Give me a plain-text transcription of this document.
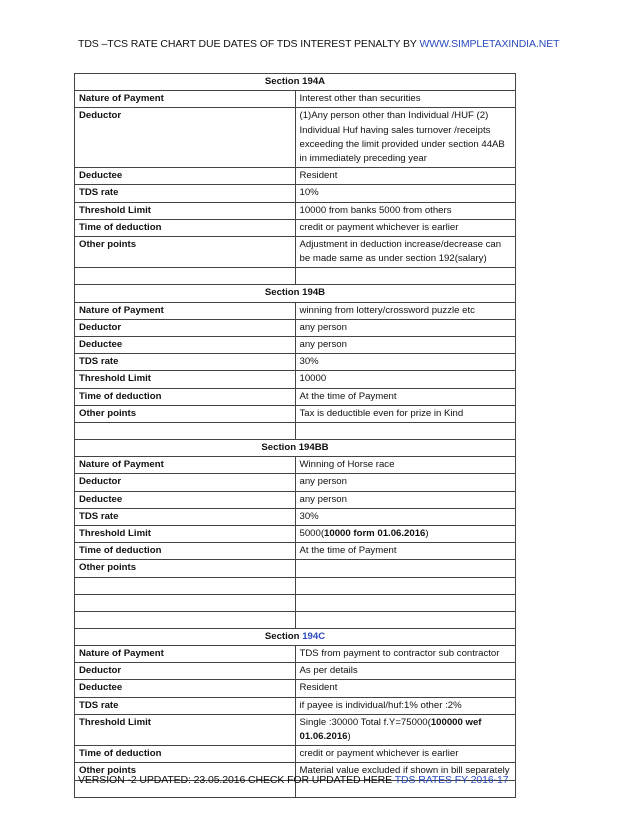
TDS –TCS RATE CHART DUE DATES OF TDS INTEREST PENALTY BY WWW.SIMPLETAXINDIA.NET
Section 194A	
Nature of Payment	Interest other than securities
Deductor	(1)Any person other than Individual /HUF (2) Individual Huf having sales turnover /receipts exceeding the limit provided under section 44AB in immediately preceding year
Deductee	Resident
TDS rate	10%
Threshold Limit	10000 from banks 5000 from others
Time of deduction	credit or payment whichever is earlier
Other points	Adjustment in deduction increase/decrease can be made same as under section 192(salary)

Section 194B	
Nature of Payment	winning from lottery/crossword puzzle etc
Deductor	any person
Deductee	any person
TDS rate	30%
Threshold Limit	10000
Time of deduction	At the time of Payment
Other points	Tax is deductible even for prize in Kind

Section 194BB	
Nature of Payment	Winning of Horse race
Deductor	any person
Deductee	any person
TDS rate	30%
Threshold Limit	5000(10000 form 01.06.2016)
Time of deduction	At the time of Payment
Other points	

Section 194C	
Nature of Payment	TDS from payment to contractor sub contractor
Deductor	As per details
Deductee	Resident
TDS rate	if payee is individual/huf:1% other :2%
Threshold Limit	Single :30000 Total f.Y=75000(100000 wef 01.06.2016)
Time of deduction	credit or payment whichever is earlier
Other points	Material value excluded if shown in bill separately

VERSION -2 UPDATED: 23.05.2016 CHECK FOR UPDATED HERE TDS RATES FY 2016-17
